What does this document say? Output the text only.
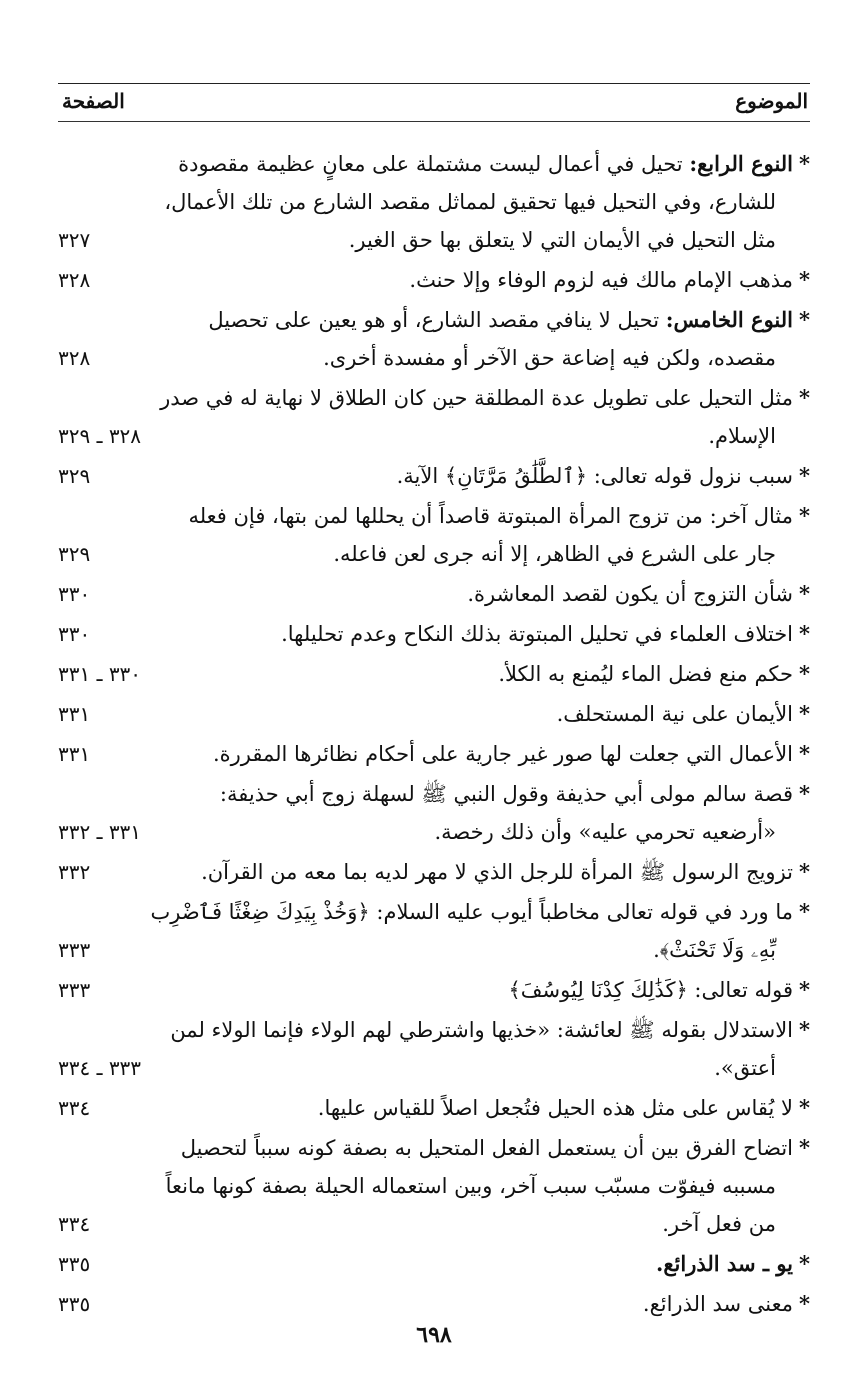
الموضوع
الصفحة
*النوع الرابع: تحيل في أعمال ليست مشتملة على معانٍ عظيمة مقصودة
للشارع، وفي التحيل فيها تحقيق لمماثل مقصد الشارع من تلك الأعمال،
مثل التحيل في الأيمان التي لا يتعلق بها حق الغير.
٣٢٧
*مذهب الإمام مالك فيه لزوم الوفاء وإلا حنث.
٣٢٨
*النوع الخامس: تحيل لا ينافي مقصد الشارع، أو هو يعين على تحصيل
مقصده، ولكن فيه إضاعة حق الآخر أو مفسدة أخرى.
٣٢٨
*مثل التحيل على تطويل عدة المطلقة حين كان الطلاق لا نهاية له في صدر
الإسلام.
٣٢٨ ـ ٣٢٩
*سبب نزول قوله تعالى: ﴿ٱلطَّلَٰقُ مَرَّتَانِ﴾ الآية.
٣٢٩
*مثال آخر: من تزوج المرأة المبتوتة قاصداً أن يحللها لمن بتها، فإن فعله
جار على الشرع في الظاهر، إلا أنه جرى لعن فاعله.
٣٢٩
*شأن التزوج أن يكون لقصد المعاشرة.
٣٣٠
*اختلاف العلماء في تحليل المبتوتة بذلك النكاح وعدم تحليلها.
٣٣٠
*حكم منع فضل الماء ليُمنع به الكلأ.
٣٣٠ ـ ٣٣١
*الأيمان على نية المستحلف.
٣٣١
*الأعمال التي جعلت لها صور غير جارية على أحكام نظائرها المقررة.
٣٣١
*قصة سالم مولى أبي حذيفة وقول النبي ﷺ لسهلة زوج أبي حذيفة:
«أرضعيه تحرمي عليه» وأن ذلك رخصة.
٣٣١ ـ ٣٣٢
*تزويج الرسول ﷺ المرأة للرجل الذي لا مهر لديه بما معه من القرآن.
٣٣٢
*ما ورد في قوله تعالى مخاطباً أيوب عليه السلام: ﴿وَخُذْ بِيَدِكَ ضِغْثًا فَٱضْرِب
بِّهِۦ وَلَا تَحْنَثْ﴾.
٣٣٣
*قوله تعالى: ﴿كَذَٰلِكَ كِدْنَا لِيُوسُفَ﴾
٣٣٣
*الاستدلال بقوله ﷺ لعائشة: «خذيها واشترطي لهم الولاء فإنما الولاء لمن
أعتق».
٣٣٣ ـ ٣٣٤
*لا يُقاس على مثل هذه الحيل فتُجعل اصلاً للقياس عليها.
٣٣٤
*اتضاح الفرق بين أن يستعمل الفعل المتحيل به بصفة كونه سبباً لتحصيل
مسببه فيفوّت مسبّب سبب آخر، وبين استعماله الحيلة بصفة كونها مانعاً
من فعل آخر.
٣٣٤
*يو ـ سد الذرائع.
٣٣٥
*معنى سد الذرائع.
٣٣٥
٦٩٨
